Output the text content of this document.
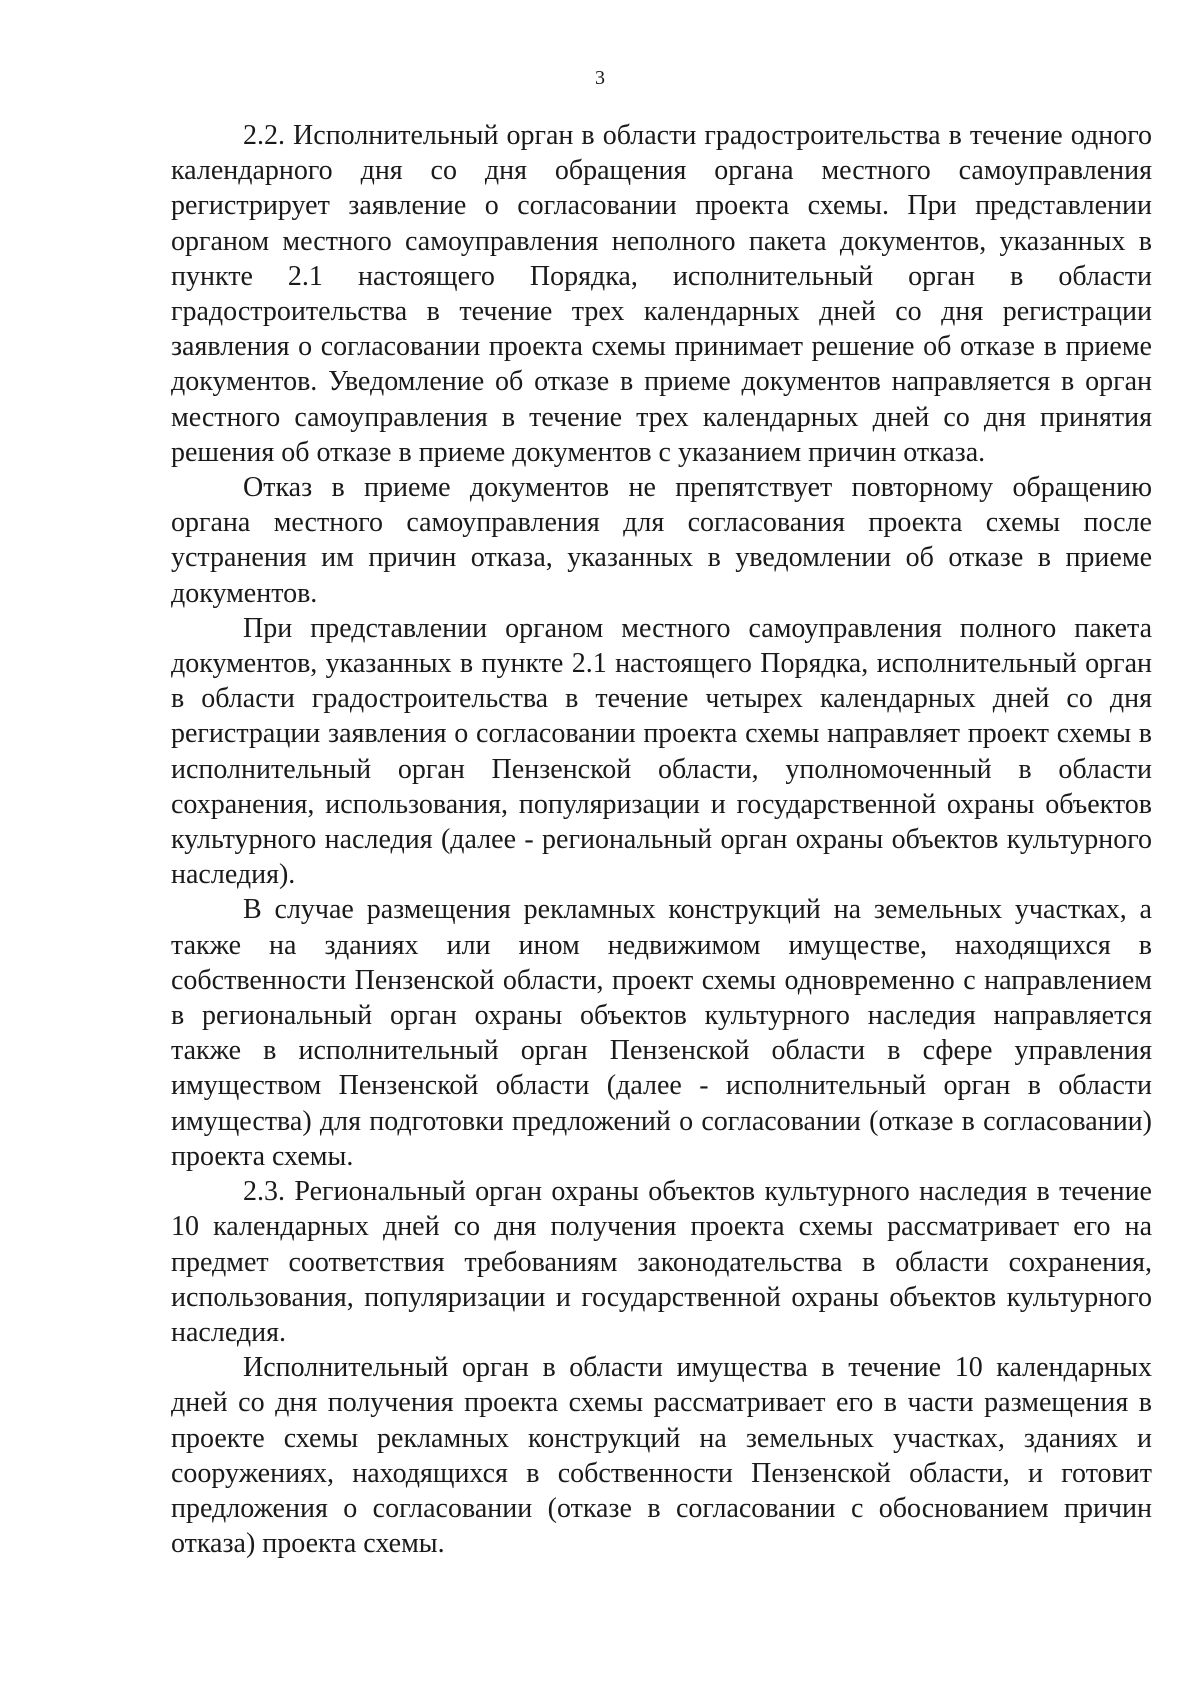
3

2.2. Исполнительный орган в области градостроительства в течение одного календарного дня со дня обращения органа местного самоуправления регистрирует заявление о согласовании проекта схемы. При представлении органом местного самоуправления неполного пакета документов, указанных в пункте 2.1 настоящего Порядка, исполнительный орган в области градостроительства в течение трех календарных дней со дня регистрации заявления о согласовании проекта схемы принимает решение об отказе в приеме документов. Уведомление об отказе в приеме документов направляется в орган местного самоуправления в течение трех календарных дней со дня принятия решения об отказе в приеме документов с указанием причин отказа.

Отказ в приеме документов не препятствует повторному обращению органа местного самоуправления для согласования проекта схемы после устранения им причин отказа, указанных в уведомлении об отказе в приеме документов.

При представлении органом местного самоуправления полного пакета документов, указанных в пункте 2.1 настоящего Порядка, исполнительный орган в области градостроительства в течение четырех календарных дней со дня регистрации заявления о согласовании проекта схемы направляет проект схемы в исполнительный орган Пензенской области, уполномоченный в области сохранения, использования, популяризации и государственной охраны объектов культурного наследия (далее - региональный орган охраны объектов культурного наследия).

В случае размещения рекламных конструкций на земельных участках, а также на зданиях или ином недвижимом имуществе, находящихся в собственности Пензенской области, проект схемы одновременно с направлением в региональный орган охраны объектов культурного наследия направляется также в исполнительный орган Пензенской области в сфере управления имуществом Пензенской области (далее - исполнительный орган в области имущества) для подготовки предложений о согласовании (отказе в согласовании) проекта схемы.

2.3. Региональный орган охраны объектов культурного наследия в течение 10 календарных дней со дня получения проекта схемы рассматривает его на предмет соответствия требованиям законодательства в области сохранения, использования, популяризации и государственной охраны объектов культурного наследия.

Исполнительный орган в области имущества в течение 10 календарных дней со дня получения проекта схемы рассматривает его в части размещения в проекте схемы рекламных конструкций на земельных участках, зданиях и сооружениях, находящихся в собственности Пензенской области, и готовит предложения о согласовании (отказе в согласовании с обоснованием причин отказа) проекта схемы.
